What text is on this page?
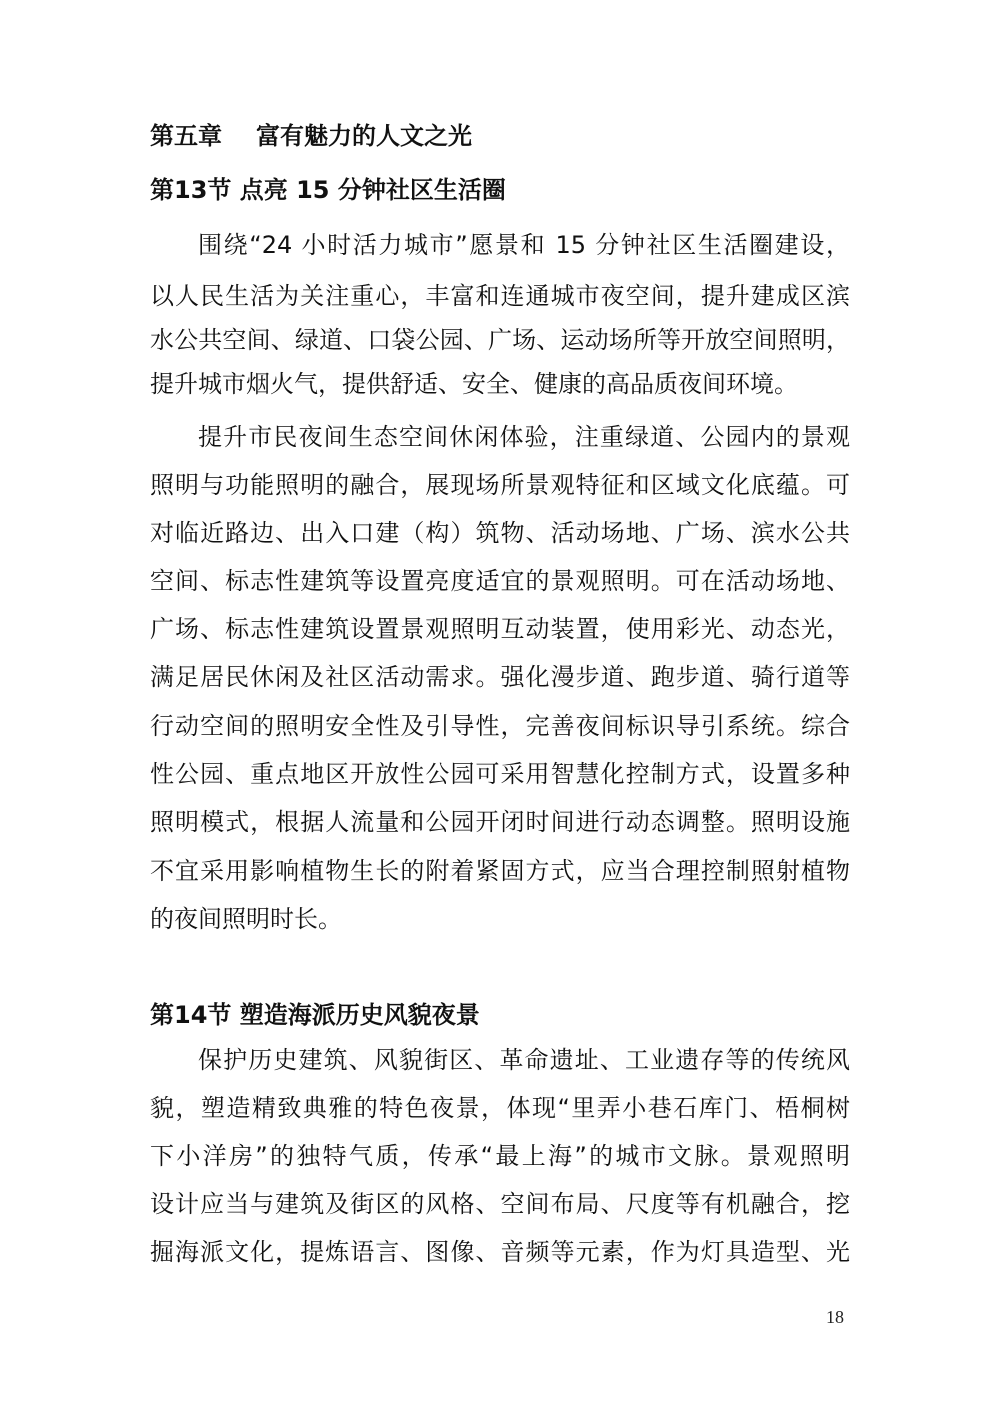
第五章 富有魅力的人文之光
第13节 点亮 15 分钟社区生活圈
围绕“24 小时活力城市”愿景和 15 分钟社区生活圈建设，
以人民生活为关注重心，丰富和连通城市夜空间，提升建成区滨
水公共空间、绿道、口袋公园、广场、运动场所等开放空间照明，
提升城市烟火气，提供舒适、安全、健康的高品质夜间环境。
提升市民夜间生态空间休闲体验，注重绿道、公园内的景观
照明与功能照明的融合，展现场所景观特征和区域文化底蕴。可
对临近路边、出入口建（构）筑物、活动场地、广场、滨水公共
空间、标志性建筑等设置亮度适宜的景观照明。可在活动场地、
广场、标志性建筑设置景观照明互动装置，使用彩光、动态光，
满足居民休闲及社区活动需求。强化漫步道、跑步道、骑行道等
行动空间的照明安全性及引导性，完善夜间标识导引系统。综合
性公园、重点地区开放性公园可采用智慧化控制方式，设置多种
照明模式，根据人流量和公园开闭时间进行动态调整。照明设施
不宜采用影响植物生长的附着紧固方式，应当合理控制照射植物
的夜间照明时长。
第14节 塑造海派历史风貌夜景
保护历史建筑、风貌街区、革命遗址、工业遗存等的传统风
貌，塑造精致典雅的特色夜景，体现“里弄小巷石库门、梧桐树
下小洋房”的独特气质，传承“最上海”的城市文脉。景观照明
设计应当与建筑及街区的风格、空间布局、尺度等有机融合，挖
掘海派文化，提炼语言、图像、音频等元素，作为灯具造型、光
18
